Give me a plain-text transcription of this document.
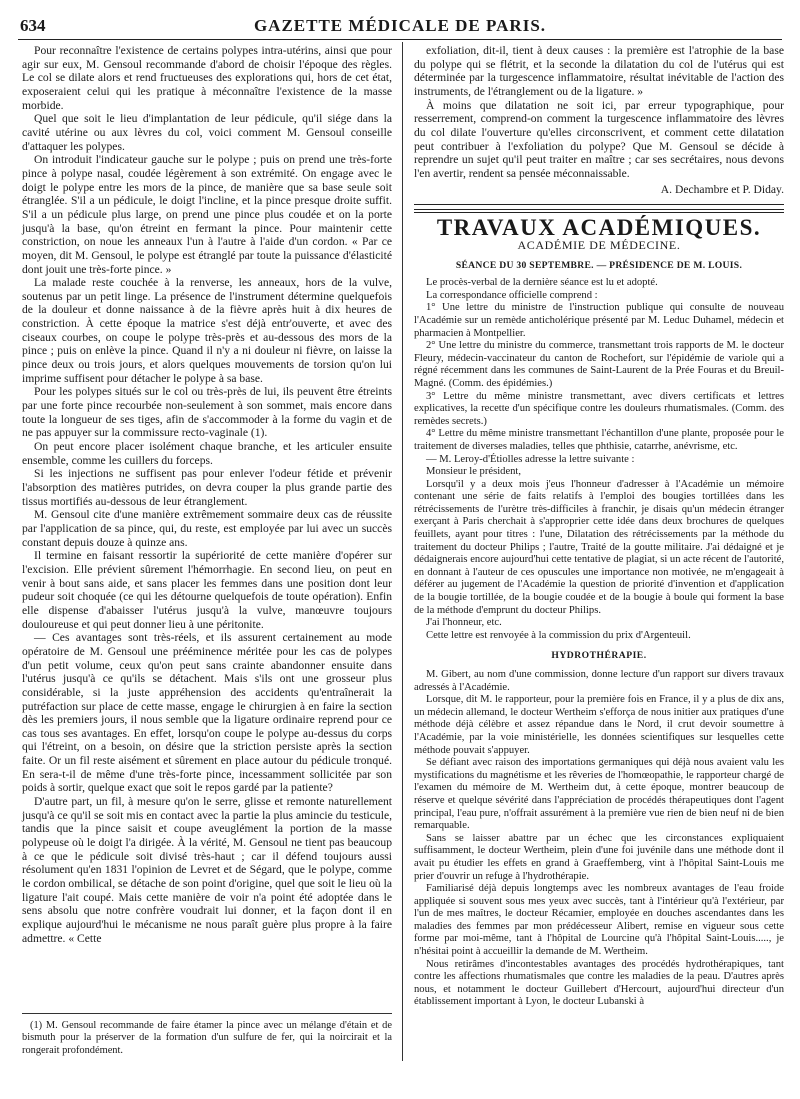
634	GAZETTE MÉDICALE DE PARIS.

Pour reconnaître l'existence de certains polypes intra-utérins, ainsi que pour agir sur eux, M. Gensoul recommande d'abord de choisir l'époque des règles. Le col se dilate alors et rend fructueuses des explorations qui, hors de cet état, exposeraient celui qui les pratique à méconnaître l'existence de la masse morbide.

Quel que soit le lieu d'implantation de leur pédicule, qu'il siége dans la cavité utérine ou aux lèvres du col, voici comment M. Gensoul conseille d'attaquer les polypes.

On introduit l'indicateur gauche sur le polype ; puis on prend une très-forte pince à polype nasal, coudée légèrement à son extrémité. On engage avec le doigt le polype entre les mors de la pince, de manière que sa base seule soit étranglée. S'il a un pédicule, le doigt l'incline, et la pince presque droite suffit. S'il a un pédicule plus large, on prend une pince plus coudée et on la porte jusqu'à la base, qu'on étreint en fermant la pince. Pour maintenir cette constriction, on noue les anneaux l'un à l'autre à l'aide d'un cordon. « Par ce moyen, dit M. Gensoul, le polype est étranglé par toute la puissance d'élasticité dont jouit une très-forte pince. »

La malade reste couchée à la renverse, les anneaux, hors de la vulve, soutenus par un petit linge. La présence de l'instrument détermine quelquefois de la douleur et donne naissance à de la fièvre après huit à dix heures de constriction. À cette époque la matrice s'est déjà entr'ouverte, et avec des ciseaux courbes, on coupe le polype très-près et au-dessous des mors de la pince ; puis on enlève la pince. Quand il n'y a ni douleur ni fièvre, on laisse la pince deux ou trois jours, et alors quelques mouvements de torsion qu'on lui imprime suffisent pour détacher le polype à sa base.

Pour les polypes situés sur le col ou très-près de lui, ils peuvent être étreints par une forte pince recourbée non-seulement à son sommet, mais encore dans toute la longueur de ses tiges, afin de s'accommoder à la forme du vagin et de ne pas appuyer sur la commissure recto-vaginale (1).

On peut encore placer isolément chaque branche, et les articuler ensuite ensemble, comme les cuillers du forceps.

Si les injections ne suffisent pas pour enlever l'odeur fétide et prévenir l'absorption des matières putrides, on devra couper la plus grande partie des tissus mortifiés au-dessous de leur étranglement.

M. Gensoul cite d'une manière extrêmement sommaire deux cas de réussite par l'application de sa pince, qui, du reste, est employée par lui avec un succès constant depuis douze à quinze ans.

Il termine en faisant ressortir la supériorité de cette manière d'opérer sur l'excision. Elle prévient sûrement l'hémorrhagie. En second lieu, on peut en venir à bout sans aide, et sans placer les femmes dans une position dont leur pudeur soit choquée (ce qui les détourne quelquefois de toute opération). Enfin elle dispense d'abaisser l'utérus jusqu'à la vulve, manœuvre toujours douloureuse et qui peut donner lieu à une péritonite.

— Ces avantages sont très-réels, et ils assurent certainement au mode opératoire de M. Gensoul une prééminence méritée pour les cas de polypes d'un petit volume, ceux qu'on peut sans crainte abandonner ensuite dans l'utérus jusqu'à ce qu'ils se détachent. Mais s'ils ont une grosseur plus considérable, si la juste appréhension des accidents qu'entraînerait la putréfaction sur place de cette masse, engage le chirurgien à en faire la section dès les premiers jours, il nous semble que la ligature ordinaire reprend pour ce cas tous ses avantages. En effet, lorsqu'on coupe le polype au-dessus du corps qui l'étreint, on a besoin, on désire que la striction persiste après la section faite. Or un fil reste aisément et sûrement en place autour du pédicule tronqué. En sera-t-il de même d'une très-forte pince, incessamment sollicitée par son poids à sortir, quelque exact que soit le repos gardé par la patiente?

D'autre part, un fil, à mesure qu'on le serre, glisse et remonte naturellement jusqu'à ce qu'il se soit mis en contact avec la partie la plus amincie du testicule, tandis que la pince saisit et coupe aveuglément la portion de la masse polypeuse où le doigt l'a dirigée. À la vérité, M. Gensoul ne tient pas beaucoup à ce que le pédicule soit divisé très-haut ; car il défend toujours aussi résolument qu'en 1831 l'opinion de Levret et de Ségard, que le polype, comme le cordon ombilical, se détache de son point d'origine, quel que soit le lieu où la ligature l'ait coupé. Mais cette manière de voir n'a point été adoptée dans le sens absolu que notre confrère voudrait lui donner, et la façon dont il en explique aujourd'hui le mécanisme ne nous paraît guère plus propre à la faire admettre. « Cette

(1) M. Gensoul recommande de faire étamer la pince avec un mélange d'étain et de bismuth pour la préserver de la formation d'un sulfure de fer, qui la noircirait et la rongerait profondément.

exfoliation, dit-il, tient à deux causes : la première est l'atrophie de la base du polype qui se flétrit, et la seconde la dilatation du col de l'utérus qui est déterminée par la turgescence inflammatoire, résultat inévitable de l'action des instruments, de l'étranglement ou de la ligature. »

À moins que dilatation ne soit ici, par erreur typographique, pour resserrement, comprend-on comment la turgescence inflammatoire des lèvres du col dilate l'ouverture qu'elles circonscrivent, et comment cette dilatation peut contribuer à l'exfoliation du polype? Que M. Gensoul se décide à reprendre un sujet qu'il peut traiter en maître ; car ses secrétaires, nous devons l'en avertir, rendent sa pensée méconnaissable.

A. Dechambre et P. Diday.

TRAVAUX ACADÉMIQUES.
ACADÉMIE DE MÉDECINE.
SÉANCE DU 30 SEPTEMBRE. — PRÉSIDENCE DE M. LOUIS.

Le procès-verbal de la dernière séance est lu et adopté.

La correspondance officielle comprend :

1° Une lettre du ministre de l'instruction publique qui consulte de nouveau l'Académie sur un remède anticholérique présenté par M. Leduc Duhamel, médecin et pharmacien à Montpellier.

2° Une lettre du ministre du commerce, transmettant trois rapports de M. le docteur Fleury, médecin-vaccinateur du canton de Rochefort, sur l'épidémie de variole qui a régné récemment dans les communes de Saint-Laurent de la Prée Fouras et du Breuil-Magné. (Comm. des épidémies.)

3° Lettre du même ministre transmettant, avec divers certificats et lettres explicatives, la recette d'un spécifique contre les douleurs rhumatismales. (Comm. des remèdes secrets.)

4° Lettre du même ministre transmettant l'échantillon d'une plante, proposée pour le traitement de diverses maladies, telles que phthisie, catarrhe, anévrisme, etc.

— M. Leroy-d'Étiolles adresse la lettre suivante :

Monsieur le président,

Lorsqu'il y a deux mois j'eus l'honneur d'adresser à l'Académie un mémoire contenant une série de faits relatifs à l'emploi des bougies tortillées dans les rétrécissements de l'urètre très-difficiles à franchir, je disais qu'un médecin étranger exerçant à Paris cherchait à s'approprier cette idée dans deux brochures de quelques feuillets, ayant pour titres : l'une, Dilatation des rétrécissements par la méthode du traitement du docteur Philips ; l'autre, Traité de la goutte militaire. J'ai dédaigné et je dédaignerais encore aujourd'hui cette tentative de plagiat, si un acte récent de l'autorité, en donnant à l'auteur de ces opuscules une importance non motivée, ne m'engageait à déférer au jugement de l'Académie la question de priorité d'invention et d'application de la bougie tortillée, de la bougie coudée et de la bougie à boule qui forment la base de la méthode d'emprunt du docteur Philips.

J'ai l'honneur, etc.

Cette lettre est renvoyée à la commission du prix d'Argenteuil.

HYDROTHÉRAPIE.

M. Gibert, au nom d'une commission, donne lecture d'un rapport sur divers travaux adressés à l'Académie.

Lorsque, dit M. le rapporteur, pour la première fois en France, il y a plus de dix ans, un médecin allemand, le docteur Wertheim s'efforça de nous initier aux pratiques d'une méthode déjà célèbre et assez répandue dans le Nord, il crut devoir soumettre à l'Académie, par la voie ministérielle, les données scientifiques sur lesquelles cette méthode pouvait s'appuyer.

Se défiant avec raison des importations germaniques qui déjà nous avaient valu les mystifications du magnétisme et les rêveries de l'homœopathie, le rapporteur chargé de l'examen du mémoire de M. Wertheim dut, à cette époque, montrer beaucoup de réserve et quelque sévérité dans l'appréciation de procédés thérapeutiques dont l'agent principal, l'eau pure, n'offrait assurément à la première vue rien de bien neuf ni de bien remarquable.

Sans se laisser abattre par un échec que les circonstances expliquaient suffisamment, le docteur Wertheim, plein d'une foi juvénile dans une méthode dont il avait pu étudier les effets en grand à Graeffemberg, vint à l'hôpital Saint-Louis me prier d'ouvrir un refuge à l'hydrothérapie.

Familiarisé déjà depuis longtemps avec les nombreux avantages de l'eau froide appliquée si souvent sous mes yeux avec succès, tant à l'intérieur qu'à l'extérieur, par l'un de mes maîtres, le docteur Récamier, employée en douches ascendantes dans les maladies des femmes par mon prédécesseur Alibert, remise en vigueur sous cette forme par moi-même, tant à l'hôpital de Lourcine qu'à l'hôpital Saint-Louis....., je n'hésitai point à accueillir la demande de M. Wertheim.

Nous retirâmes d'incontestables avantages des procédés hydrothérapiques, tant contre les affections rhumatismales que contre les maladies de la peau. D'autres après nous, et notamment le docteur Guillebert d'Hercourt, aujourd'hui directeur d'un établissement important à Lyon, le docteur Lubanski à
